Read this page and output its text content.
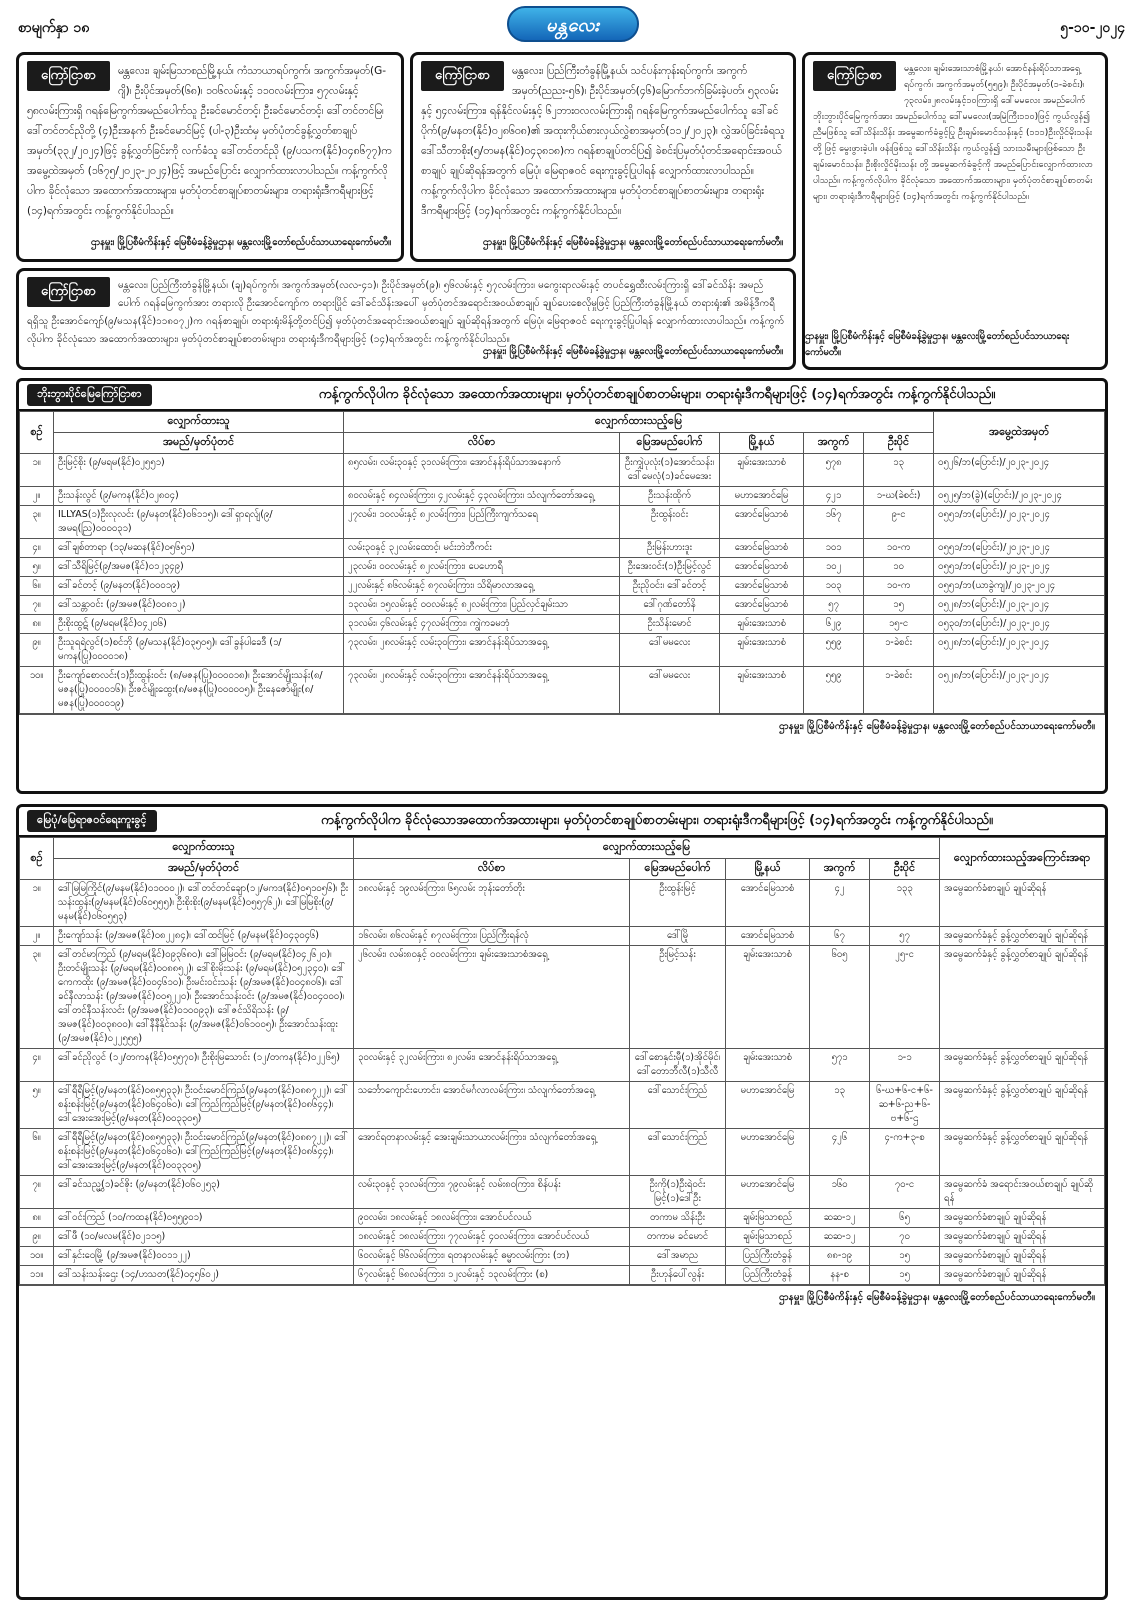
စာမျက်နှာ ၁၈	မန္တလေး	၅-၁၀-၂၀၂၄
ကြော်ငြာစာ	မန္တလေး၊ ချမ်းမြသာစည်မြို့နယ်၊ ကံသာယာရပ်ကွက်၊ အကွက်အမှတ်(G-ဂျိ)၊ ဦးပိုင်အမှတ်(၆၈)၊ ၁၀၆လမ်းနှင့် ၁၁၀လမ်းကြား၊ ၅၇လမ်းနှင့် ၅၈လမ်းကြားရှိ ဂရန်မြေကွက်အမည်ပေါက်သူ ဦးခင်မောင်တင့်၊ ဦးခင်မောင်တင့်၊ ဒေါ်တင်တင်မြ၊ ဒေါ်တင်တင်ညိုတို့ (၄)ဦးအနက် ဦးခင်မောင်မြင့် (ပါ-၃)ဦးထံမှ မှတ်ပုံတင်ခွန့်လွှတ်စာချုပ်အမှတ်(၃၃၂/၂၀၂၄)ဖြင့် ခွန့်လွှတ်ခြင်းကို လက်ခံသူ ဒေါ်တင်တင်ညို (၉/ပသက(နိုင်)၀၄၈၆၇၇)က အမွေ့ထဲအမှတ် (၁၆၇၅/၂၀၂၃-၂၀၂၄)ဖြင့် အမည်ပြောင်း လျှောက်ထားလာပါသည်။ ကန့်ကွက်လိုပါက ခိုင်လုံသော အထောက်အထားများ၊ မှတ်ပုံတင်စာချုပ်စာတမ်းများ၊ တရားရုံးဒီကရီများဖြင့် (၁၄)ရက်အတွင်း ကန့်ကွက်နိုင်ပါသည်။
ဌာနမှူး၊ မြို့ပြစီမံကိန်းနှင့် မြေစီမံခန့်ခွဲမှုဌာန၊ မန္တလေးမြို့တော်စည်ပင်သာယာရေးကော်မတီ။
ကြော်ငြာစာ	မန္တလေး၊ ပြည်ကြီးတံခွန်မြို့နယ်၊ သင်ပန်းကုန်းရပ်ကွက်၊ အကွက်အမှတ်(ညညး-၅၆)၊ ဦးပိုင်အမှတ်(၄၆)မြောက်ဘက်ခြမ်းခဲ့ပတ်၊ ၅၃လမ်းနှင့် ၅၄လမ်းကြား၊ ရန်နိုင်လမ်းနှင့် ၆၂ဘားဝလလမ်းကြားရှိ ဂရန်မြေကွက်အမည်ပေါက်သူ ဒေါ်ခင်ပိုက်(၉/မနတ(နိုင်)၀၂၈၆၀၈)၏ အထုးကိုယ်စားလှယ်လွှဲစာအမှတ်(၁၁၂/၂၀၂၃)၊ လွှဲအပ်ခြင်းခံရသူ ဒေါ်သီတာစိုး(၅/တမန(နိုင်)၀၄၃၈၁၈)က ဂရန်စာချုပ်တင်ပြ၍ ခဲစင်းပြမှတ်ပုံတင်အရောင်းအဝယ်စာချုပ် ချုပ်ဆိုရန်အတွက် မြေပုံ၊ မြေရာဇဝင် ရေးကူးခွင့်ပြုပါရန် လျှောက်ထားလာပါသည်။ ကန့်ကွက်လိုပါက ခိုင်လုံသော အထောက်အထားများ၊ မှတ်ပုံတင်စာချုပ်စာတမ်းများ၊ တရားရုံးဒီကရီများဖြင့် (၁၄)ရက်အတွင်း ကန့်ကွက်နိုင်ပါသည်။
ဌာနမှူး၊ မြို့ပြစီမံကိန်းနှင့် မြေစီမံခန့်ခွဲမှုဌာန၊ မန္တလေးမြို့တော်စည်ပင်သာယာရေးကော်မတီ။
ကြော်ငြာစာ	မန္တလေး၊ ချမ်းအေးသာစံမြို့နယ်၊ အောင်နန်းရိပ်သာအရှေ့ ရပ်ကွက်၊ အကွက်အမှတ်(၅၅၉)၊ ဦးပိုင်အမှတ်(၁-ခဲစင်း)၊ ၇၃လမ်း၊၂၈လမ်းနှင့်၁၀ကြားရှိ ဒေါ်မမလေး အမည်ပေါက် ဘိုးဘွားပိုင်မြေကွက်အား အမည်ပေါက်သူ ဒေါ်မမလေး(အမြဲကြီး၁၁၀)ဖြင့် ကွယ်လွန်၍ ညီမဖြစ်သူ ဒေါ်သိန်းသိန်း အမွေဆက်ခံခွင့်ပြု ဦးချမ်းမောင်သန်းနှင့် (၁၁၁)ဦးလှိုင်မိုးသန်းတို့ ဖြင့် မွေးဖွားခဲ့ပါ။ ဖန်းဖြစ်သူ ဒေါ်သိန်းသိန်း ကွယ်လွန်၍ သားသမီးများဖြစ်သော ဦးချမ်းမောင်သန်း၊ ဦးစိုးလှိုင်မိုးသန်း တို့ အမွေဆက်ခံခွင့်ကို အမည်ပြောင်းလျှောက်ထားလာပါသည်။ ကန့်ကွက်လိုပါက ခိုင်လုံသော အထောက်အထားများ၊ မှတ်ပုံတင်စာချုပ်စာတမ်းများ၊ တရားရုံးဒီကရီများဖြင့် (၁၄)ရက်အတွင်း ကန့်ကွက်နိုင်ပါသည်။
ဌာနမှူး၊ မြို့ပြစီမံကိန်းနှင့် မြေစီမံခန့်ခွဲမှုဌာန၊ မန္တလေးမြို့တော်စည်ပင်သာယာရေးကော်မတီ။
ကြော်ငြာစာ	မန္တလေး၊ ပြည်ကြီးတံခွန်မြို့နယ်၊ (ချ)ရပ်ကွက်၊ အကွက်အမှတ်(လလ-၄၁)၊ ဦးပိုင်အမှတ်(၉)၊ ၅၆လမ်းနှင့် ၅၇လမ်းကြား၊ မကွေးရာလမ်းနှင့် တပင်ရွှေထီးလမ်းကြားရှိ ဒေါ်ခင်သိန်း အမည်ပေါက် ဂရန်မြေကွက်အား တရားလို ဦးအောင်ကျော်က တရားပြိုင် ဒေါ်ခင်သိန်းအပေါ် မှတ်ပုံတင်အရောင်းအဝယ်စာချုပ် ချုပ်ပေးစေလိုမှုဖြင့် ပြည်ကြီးတံခွန်မြို့နယ် တရားရုံး၏ အမိန့်ဒီကရီရရှိသူ ဦးအောင်ကျော်(၉/မသန(နိုင်)၁၁၈၀၇၂)က ဂရန်စာချုပ်၊ တရားရုံးမိန့်တို့တင်ပြ၍ မှတ်ပုံတင်အရောင်းအဝယ်စာချုပ် ချုပ်ဆိုရန်အတွက် မြေပုံ၊ မြေရာဇဝင် ရေးကူးခွင့်ပြုပါရန် လျှောက်ထားလာပါသည်။ ကန့်ကွက်လိုပါက ခိုင်လုံသော အထောက်အထားများ၊ မှတ်ပုံတင်စာချုပ်စာတမ်းများ၊ တရားရုံးဒီကရီများဖြင့် (၁၄)ရက်အတွင်း ကန့်ကွက်နိုင်ပါသည်။
ဌာနမှူး၊ မြို့ပြစီမံကိန်းနှင့် မြေစီမံခန့်ခွဲမှုဌာန၊ မန္တလေးမြို့တော်စည်ပင်သာယာရေးကော်မတီ။
ဘိုးဘွားပိုင်မြေကြော်ငြာစာ	ကန့်ကွက်လိုပါက ခိုင်လုံသော အထောက်အထားများ၊ မှတ်ပုံတင်စာချုပ်စာတမ်းများ၊ တရားရုံးဒီကရီများဖြင့် (၁၄)ရက်အတွင်း ကန့်ကွက်နိုင်ပါသည်။
စဉ်	လျှောက်ထားသူ	လျှောက်ထားသည့်မြေ					အမွေ့ထဲအမှတ်
	အမည်/မှတ်ပုံတင်	လိပ်စာ	မြေအမည်ပေါက်	မြို့နယ်	အကွက်	ဦးပိုင်	
၁။	ဦးမြင့်စိုး (၉/မရမ(နိုင်)၀၂၅၅၁)	၈၅လမ်း၊ လမ်း၃၀နှင့် ၃၁လမ်းကြား၊ အောင်နန်းရိပ်သာအနောက်	ဦးကျှဲပုလုံး(၁)အောင်သန်း၊ ဒေါ်မေလုံ(၁)ခင်မေအေး	ချမ်းအေးသာစံ	၅၇၈	၁၃	၀၅၂၆/ဘ(ပြောင်း)/၂၀၂၃-၂၀၂၄
၂။	ဦးသန်းလွင် (၉/မကန(နိုင်)၀၂၈၀၄)	၈၀လမ်းနှင့် ၈၄လမ်းကြား၊ ၄၂လမ်းနှင့် ၄၃လမ်းကြား၊ သံလျက်တော်အရှေ့	ဦးသန်းထိုက်	မဟာအောင်မြေ	၄၂၁	၁-ဃ(ခဲစင်း)	၀၅၂၅/ဘ(ခွဲ)(ပြောင်း)/၂၀၂၃-၂၀၂၄
၃။	ILLYAS(၁)ဦးလုလင်း (၉/မနတ(နိုင်)၀၆၁၁၅)၊ ဒေါ်ရှာရလ်ျ(၉/အမရ(ညြ)၀၀၀၀၃၁)	၂၇လမ်း၊ ၁၀လမ်းနှင့် ၈၂လမ်းကြား၊ ပြည်ကြီးကျက်သရေ	ဦးထွန်းဝင်း	အောင်မြေသာစံ	၁၆၇	၉-င	၀၅၅၁/ဘ(ပြောင်း)/၂၀၂၃-၂၀၂၄
၄။	ဒေါ်ချစ်တာရာ (၁၃/မဆန(နိုင်)၀၅၆၅၁)	လမ်း၃၀နှင့် ၃၂လမ်းထောင့်၊ မင်းဘဲဘီကင်း	ဦးမြန်းဟားဒူး	အောင်မြေသာစံ	၁၀၁	၁၀-က	၀၅၅၁/ဘ(ပြောင်း)/၂၀၂၃-၂၀၂၄
၅။	ဒေါ်သီရိမြင့်(၉/အမဇ(နိုင်)၀၁၂၃၄၉)	၂၃လမ်း၊ ၀၀လမ်းနှင့် ၈၂လမ်းကြား၊ ပေဟောရီ	ဦးအေးဝင်း(၁)ဦးမြင့်လွင်	အောင်မြေသာစံ	၁၀၂	၁၀	၀၅၅၁/ဘ(ပြောင်း)/၂၀၂၃-၂၀၂၄
၆။	ဒေါ်ခင်တင့် (၉/မနတ(နိုင်)၀၀၀၁၉)	၂၂လမ်းနှင့် ၈၆လမ်းနှင့် ၈၇လမ်းကြား၊ သိရိမာလာအရှေ့	ဦးညိုဝင်း၊ ဒေါ်ခင်တင့်	အောင်မြေသာစံ	၁၀၃	၁၀-က	၀၅၅၁/ဘ(ယာခွဲကျ)/၂၀၂၃-၂၀၂၄
၇။	ဒေါ်သန္တာဝင်း (၉/အမဇ(နိုင်)၀၀၈၁၂)	၁၃လမ်း၊ ၁၅လမ်းနှင့် ၀၀လမ်းနှင့် ၈၂လမ်းကြား၊ ပြည်လှင်ချမ်းသာ	ဒေါ်ဂုဏ်တော်နိ	အောင်မြေသာစံ	၅၇	၁၅	၀၅၂၈/ဘ(ပြောင်း)/၂၀၂၃-၂၀၂၄
၈။	ဦးစိုးထွဋ် (၉/မရမ(နိုင်)၀၄၂၀၆)	၃၁လမ်း၊ ၄၆လမ်းနှင့် ၄၇လမ်းကြား၊ ကျွဲကခမဘုံ	ဦးသိန်းမောင်	ချမ်းအေးသာစံ	၆၂၉	၁၅-င	၀၅၃၀/ဘ(ပြောင်း)/၂၀၂၃-၂၀၂၄
၉။	ဦးသူရရဲလွင်(၁)စင်ဘို (၉/မသန(နိုင်)၀၃၅၀၅)၊ ဒေါ်ခွန်ပါခေဒီ (၁/မကန(ပြု)၀၀၀၀၁၈)	၇၃လမ်း၊ ၂၈လမ်းနှင့် လမ်း၃၀ကြား၊ အောင်နန်းရိပ်သာအရှေ့	ဒေါ်မမလေး	ချမ်းအေးသာစံ	၅၅၉	၁-ခဲစင်း	၀၅၂၈/ဘ(ပြောင်း)/၂၀၂၃-၂၀၂၄
၁၀။	ဦးကျော်စောလင်း(၁)ဦးထွန်းဝင်း (၈/မဇန(ပြု)၀၀၀၀၁၈)၊ ဦးအောင်မျိုးသန်း(၈/မဇန(ပြု)၀၀၀၀၁၆)၊ ဦးဇင်မျိုးထွေး(၈/မဇန(ပြု)၀၀၀၀၀၅)၊ ဦးနေဇော်မျိုး(၈/မဇန(ပြု)၀၀၀၀၁၉)	၇၃လမ်း၊ ၂၈လမ်းနှင့် လမ်း၃၀ကြား၊ အောင်နန်းရိပ်သာအရှေ့	ဒေါ်မမလေး	ချမ်းအေးသာစံ	၅၅၉	၁-ခဲစင်း	၀၅၂၈/ဘ(ပြောင်း)/၂၀၂၃-၂၀၂၄
ဌာနမှူး၊ မြို့ပြစီမံကိန်းနှင့် မြေစီမံခန့်ခွဲမှုဌာန၊ မန္တလေးမြို့တော်စည်ပင်သာယာရေးကော်မတီ။
မြေပုံ/မြေရာဇဝင်ရေးကူးခွင့်	ကန့်ကွက်လိုပါက ခိုင်လုံသောအထောက်အထားများ၊ မှတ်ပုံတင်စာချုပ်စာတမ်းများ၊ တရားရုံးဒီကရီများဖြင့် (၁၄)ရက်အတွင်း ကန့်ကွက်နိုင်ပါသည်။
စဉ်	လျှောက်ထားသူ	လျှောက်ထားသည့်မြေ					လျှောက်ထားသည့်အကြောင်းအရာ
	အမည်/မှတ်ပုံတင်	လိပ်စာ	မြေအမည်ပေါက်	မြို့နယ်	အကွက်	ဦးပိုင်	
၁။	ဒေါ်မြမြကြိုင်(၉/မနမ(နိုင်)၀၁၀၀၀၂)၊ ဒေါ်တင်တင်ချော(၁၂/မကဒ(နိုင်)၀၅၁၀၅၆)၊ ဦးသန်းထွန်း(၉/မနမ(နိုင်)၀၆၀၅၅၅)၊ ဦးစိုးစိုး(၉/မနမ(နိုင်)၀၅၅၇၆၂)၊ ဒေါ်မြမြစိုး(၉/မနမ(နိုင်)၀၆၀၅၅၃)	၁၈လမ်းနှင့် ၁၉လမ်းကြား၊ ၆၅လမ်း ဘုန်းတော်တိုး	ဦးထွန်းမြင့်	အောင်မြေသာစံ	၄၂	၁၃၃	အမွေဆက်ခံစာချုပ် ချုပ်ဆိုရန်
၂။	ဦးကျော်သန်း (၉/အမဇ(နိုင်)၀၈၂၂၈၄)၊ ဒေါ်ထင်မြင့် (၉/မနမ(နိုင်)၀၄၃၀၄၆)	၁၆လမ်း၊ ၈၆လမ်းနှင့် ၈၇လမ်းကြား၊ ပြည်ကြီးရန်လုံ	ဒေါ်မြို	အောင်မြေသာစံ	၆၇	၅၇	အမွေဆက်ခံနှင့် ခွန့်လွှတ်စာချုပ် ချုပ်ဆိုရန်
၃။	ဒေါ်တင်မာကြည် (၉/မရမ(နိုင်)၀၉၃၆၈၀)၊ ဒေါ်မြမြဝင်း (၉/မရမ(နိုင်)၀၄၂၆၂၀)၊ ဦးတင်မျိုးသန်း (၉/မရမ(နိုင်)၀၀၈၈၅၂)၊ ဒေါ်စိုးမိုးသန်း (၉/မရမ(နိုင်)၀၅၂၃၄၀)၊ ဒေါ်ကေကထိုး (၉/အမဇ(နိုင်)၀၀၄၆၁၀)၊ ဦးမင်းဝင်းသန်း (၉/အမဇ(နိုင်)၀၀၄၈၀၆)၊ ဒေါ်ခင်နီလာသန်း (၉/အမဇ(နိုင်)၀၀၅၂၂၀)၊ ဦးအောင်သန်းဝင်း (၉/အမဇ(နိုင်)၀၀၄၀၀၀)၊ ဒေါ်တင်နီသန်းလင်း (၉/အမဇ(နိုင်)၀၁၀၀၉၃)၊ ဒေါ်ဇင်သိရိသန်း (၉/အမဇ(နိုင်)၀၀၃၈၀၀)၊ ဒေါ်နီနီနိုင်သန်း (၉/အမဇ(နိုင်)၀၆၁၀၀၅)၊ ဦးအောင်သန်းထူး (၉/အမဇ(နိုင်)၀၂၂၅၅၅)	၂၆လမ်း၊ လမ်း၈၀နှင့် ၀၀လမ်းကြား၊ ချမ်းအေးသာစံအရှေ့	ဦးမြင့်သန်း	ချမ်းအေးသာစံ	၆၀၅	၂၅-င	အမွေဆက်ခံနှင့် ခွန့်လွှတ်စာချုပ် ချုပ်ဆိုရန်
၄။	ဒေါ်ခင်ညိုလွင် (၁၂/တကန(နိုင်)၀၅၅၇၀)၊ ဦးစိုးမြသောင်း (၁၂/တကန(နိုင်)၀၂၂၆၅)	၃၀လမ်းနှင့် ၃၂လမ်းကြား၊ ၈၂လမ်း၊ အောင်နန်းရိပ်သာအရှေ့	ဒေါ်စောနှင်းမှီ(၁)အိုင်မိုင်၊ ဒေါ်တောဘီလီ(၁)သီလီ	ချမ်းအေးသာစံ	၅၇၁	၁-၁	အမွေဆက်ခံနှင့် ခွန့်လွှတ်စာချုပ် ချုပ်ဆိုရန်
၅။	ဒေါ်ရီရီမြင့်(၉/မနတ(နိုင်)၀၈၅၅၃၃)၊ ဦးဝင်းမောင်ကြည်(၉/မနတ(နိုင်)၀၈၈၇၂၂)၊ ဒေါ်စန်းစန်းမြင့်(၉/မနတ(နိုင်)၀၆၄၀၆၀)၊ ဒေါ်ကြည်ကြည်မြင့်(၉/မနတ(နိုင်)၀၈၆၄၄)၊ ဒေါ်အေးအေးမြင့်(၉/မနတ(နိုင်)၀၀၃၃၀၅)	သင်္ဘောကျောင်းဟောင်း၊ အောင်မင်္ဂလာလမ်းကြား၊ သံလျက်တော်အရှေ့	ဒေါ်သောင်းကြည်	မဟာအောင်မြေ	၁၃	၆-ဃ+၆-င+၆-ဆ+၆-ည+၆-ဗ+၆-ဌ	အမွေဆက်ခံနှင့် ခွန့်လွှတ်စာချုပ် ချုပ်ဆိုရန်
၆။	ဒေါ်ရီရီမြင့်(၉/မနတ(နိုင်)၀၈၅၅၃၃)၊ ဦးဝင်းမောင်ကြည်(၉/မနတ(နိုင်)၀၈၈၇၂၂)၊ ဒေါ်စန်းစန်းမြင့်(၉/မနတ(နိုင်)၀၆၄၀၆၀)၊ ဒေါ်ကြည်ကြည်မြင့်(၉/မနတ(နိုင်)၀၈၆၄၄)၊ ဒေါ်အေးအေးမြင့်(၉/မနတ(နိုင်)၀၀၃၃၀၅)	အောင်ရတနာလမ်းနှင့် အေးချမ်းသာယာလမ်းကြား၊ သံလျက်တော်အရှေ့	ဒေါ်သောင်းကြည်	မဟာအောင်မြေ	၄၂၆	၄-က+၃-စ	အမွေဆက်ခံနှင့် ခွန့်လွှတ်စာချုပ် ချုပ်ဆိုရန်
၇။	ဒေါ်ခင်သည္မွှ(၁)ခင်ဇိုး (၉/မနတ(နိုင်)၀၆၀၂၅၃)	လမ်း၃၀နှင့် ၃၁လမ်းကြား၊ ၇၉လမ်းနှင့် လမ်း၈၀ကြား၊ စိန်ပန်း	ဦးကို(၁)ဦးရဲဝင်းမြင့်(၁)ဒေါ်ဦး	မဟာအောင်မြေ	၁၆၀	၇၀-င	အမွေဆက်ခံ အရောင်းအဝယ်စာချုပ် ချုပ်ဆိုရန်
၈။	ဒေါ်ဝင်းကြည် (၁၀/ကထန(နိုင်)၀၅၅၉၀၁)	၉၀လမ်း၊ ၁၈လမ်းနှင့် ၁၈လမ်းကြား၊ အောင်ပင်လယ်	တကာမ သိန်းဦး	ချမ်းမြသာစည်	ဆဆ-၁၂	၆၅	အမွေဆက်ခံစာချုပ် ချုပ်ဆိုရန်
၉။	ဒေါ်ဖီ (၁၀/မလမ(နိုင်)၀၂၁၁၅)	၁၈လမ်းနှင့် ၁၈လမ်းကြား၊ ၇၇လမ်းနှင့် ၄၀လမ်းကြား၊ အောင်ပင်လယ်	တကာမ ခင်မောင်	ချမ်းမြသာစည်	ဆဆ-၁၂	၇၀	အမွေဆက်ခံစာချုပ် ချုပ်ဆိုရန်
၁၀။	ဒေါ်နှင်းဝေမြို့ (၉/အမဇ(နိုင်)၀၀၁၁၂၂)	၆၀လမ်းနှင့် ၆၆လမ်းကြား၊ ရတနာလမ်းနှင့် ဓမ္မာလမ်းကြား (ဘ)	ဒေါ်အမာည	ပြည်ကြီးတံခွန်	၈၈-၁၉	၁၅	အမွေဆက်ခံစာချုပ် ချုပ်ဆိုရန်
၁၁။	ဒေါ်သန်းသန်းဌေး (၁၄/ဟသတ(နိုင်)၀၄၅၆၀၂)	၆၇လမ်းနှင့် ၆၈လမ်းကြား၊ ၁၂လမ်းနှင့် ၁၃လမ်းကြား (စ)	ဦးဟုန်ပေါ်လွန်း	ပြည်ကြီးတံခွန်	နန-စ	၁၅	အမွေဆက်ခံစာချုပ် ချုပ်ဆိုရန်
ဌာနမှူး၊ မြို့ပြစီမံကိန်းနှင့် မြေစီမံခန့်ခွဲမှုဌာန၊ မန္တလေးမြို့တော်စည်ပင်သာယာရေးကော်မတီ။
